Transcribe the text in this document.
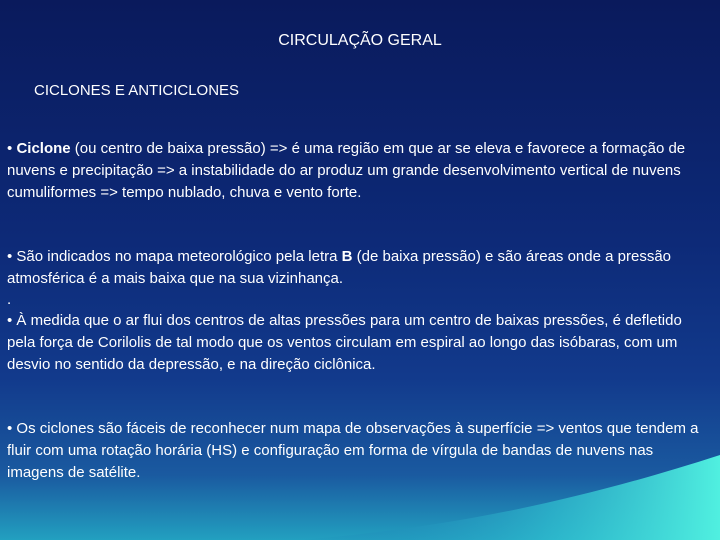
CIRCULAÇÃO GERAL
CICLONES E ANTICICLONES
• Ciclone (ou centro de baixa pressão) => é uma região em que ar se eleva e favorece a formação de nuvens e precipitação => a instabilidade do ar produz um grande desenvolvimento vertical de nuvens cumuliformes => tempo nublado, chuva e vento forte.
• São indicados no mapa meteorológico pela letra B (de baixa pressão) e são áreas onde a pressão atmosférica é a mais baixa que na sua vizinhança.
.
• À medida que o ar flui dos centros de altas pressões para um centro de baixas pressões, é defletido pela força de Corilolis de tal modo que os ventos circulam em espiral ao longo das isóbaras, com um desvio no sentido da depressão, e na direção ciclônica.
• Os ciclones são fáceis de reconhecer num mapa de observações à superfície => ventos que tendem a fluir com uma rotação horária (HS) e configuração em forma de vírgula de bandas de nuvens nas imagens de satélite.
